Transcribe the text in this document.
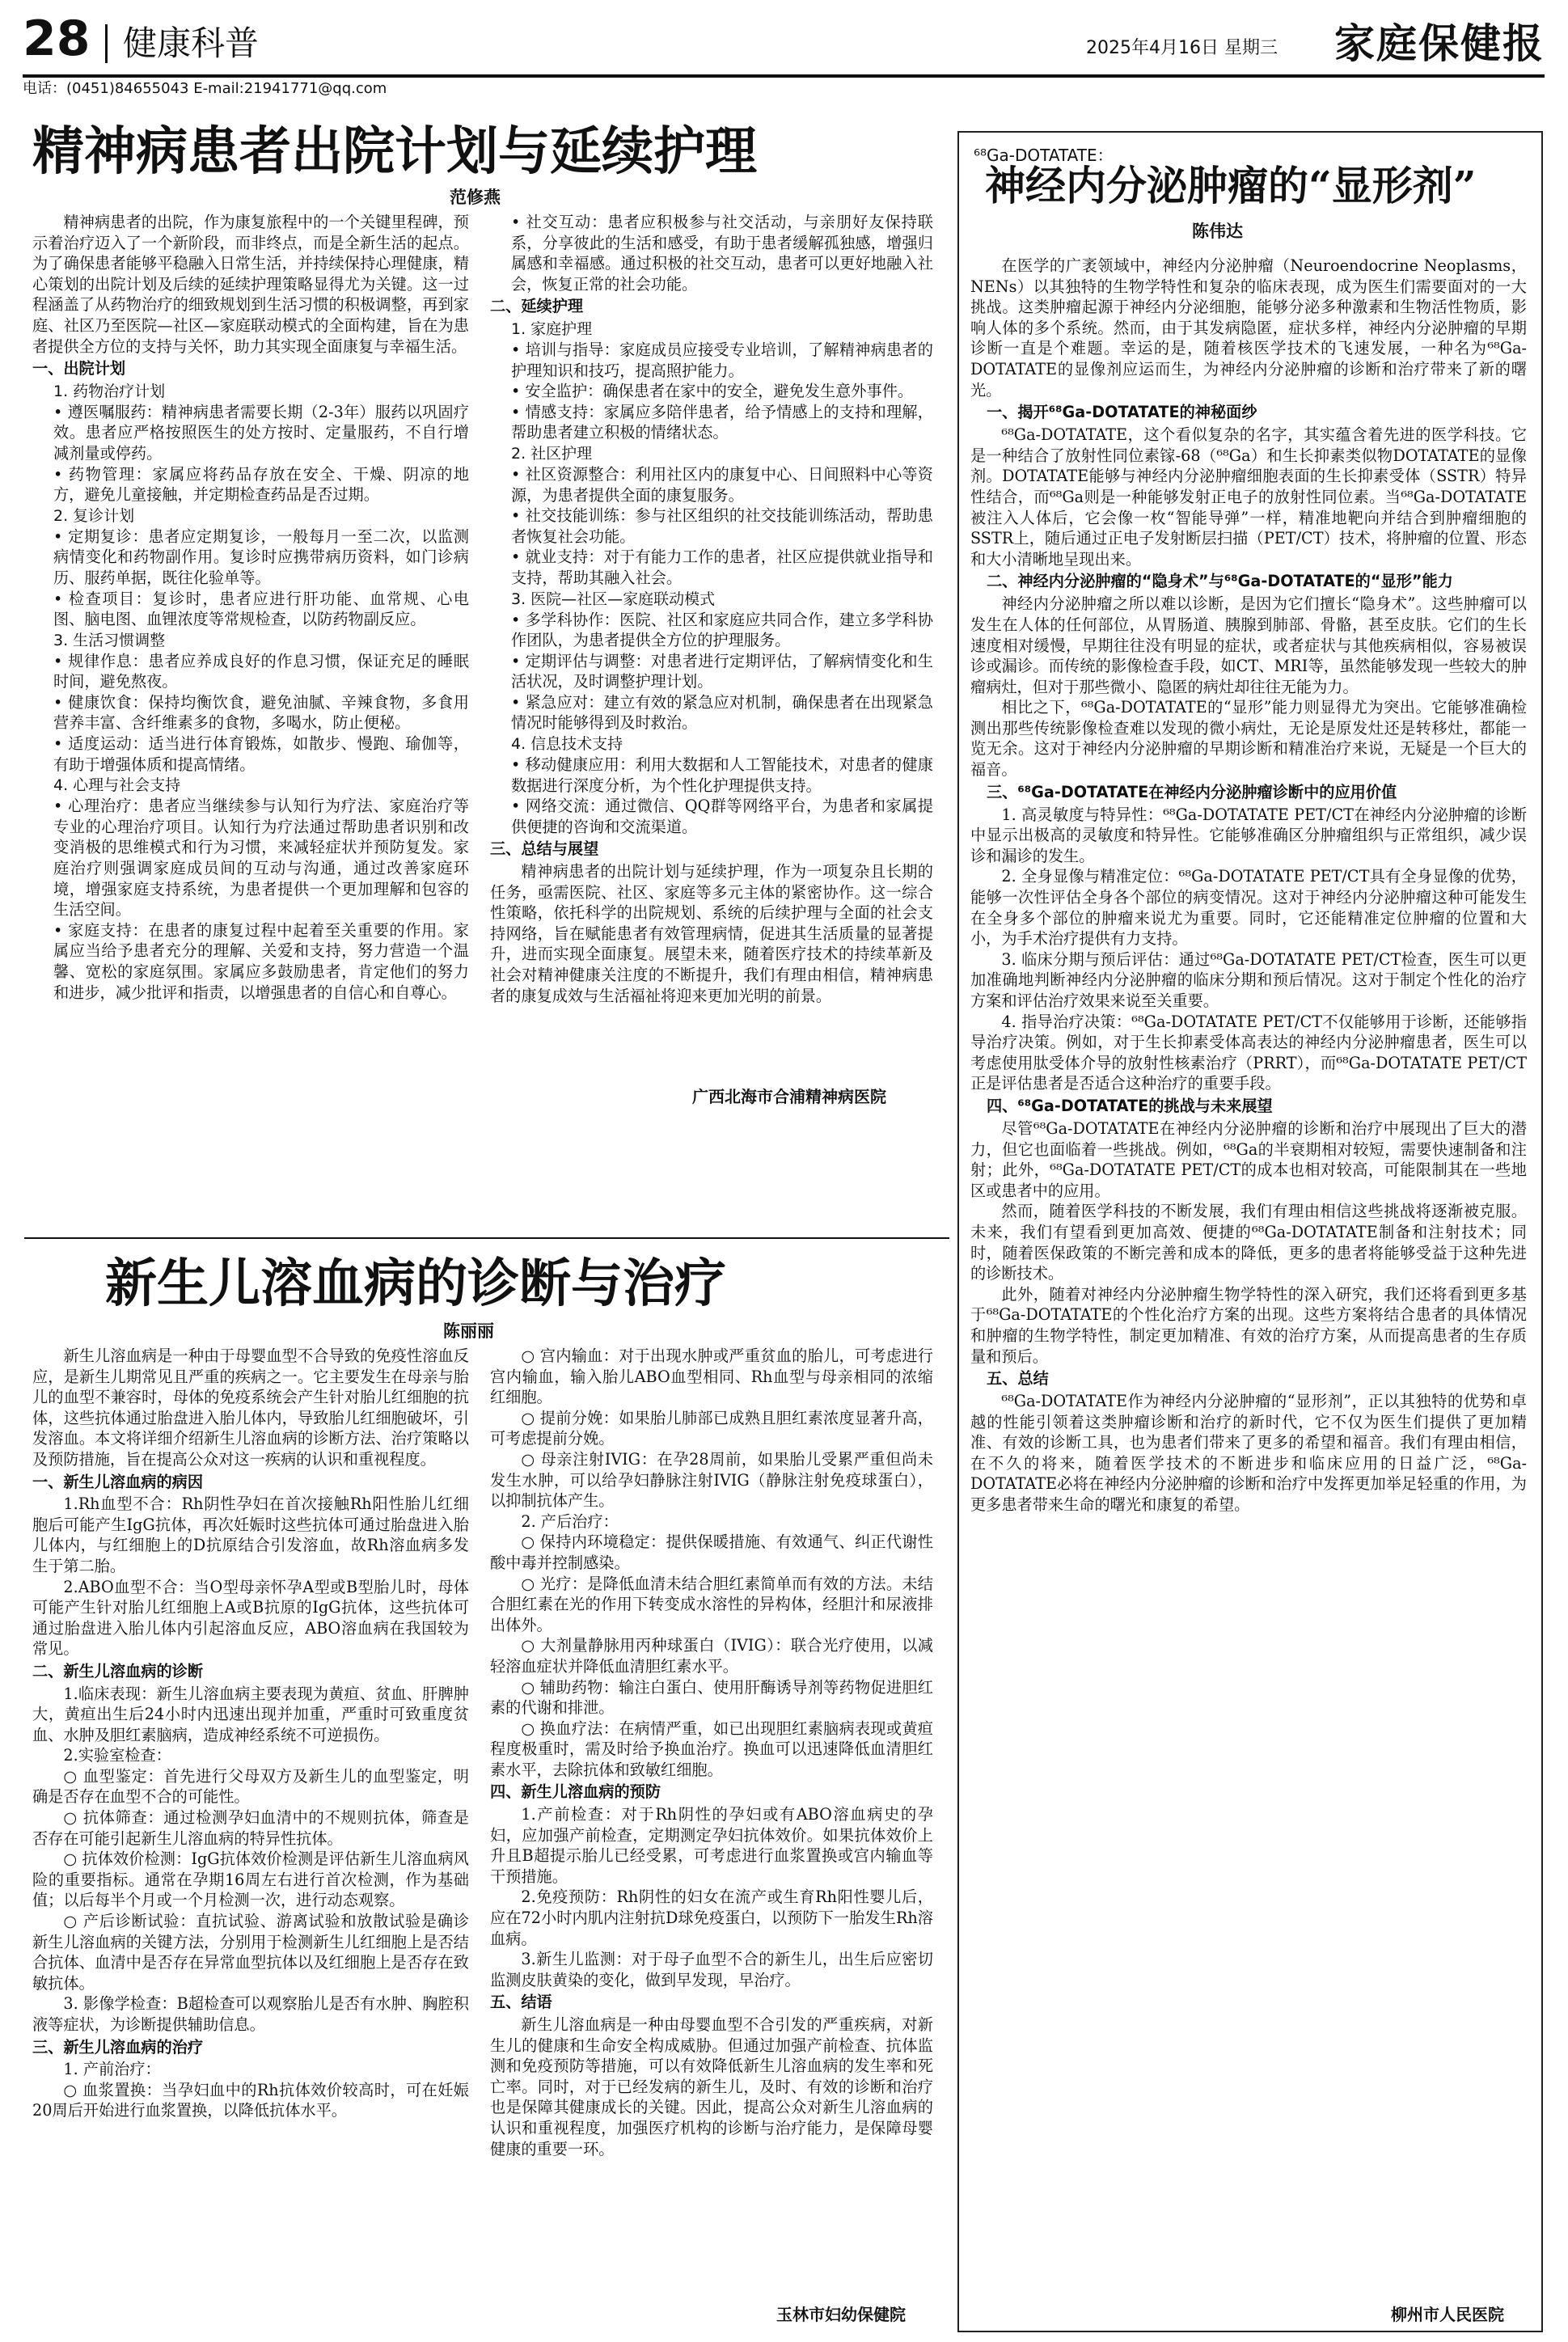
28 健康科普	2025年4月16日 星期三 家庭保健报
电话：(0451)84655043 E-mail:21941771@qq.com
精神病患者出院计划与延续护理
范修燕

精神病患者的出院，作为康复旅程中的一个关键里程碑，预示着治疗迈入了一个新阶段，而非终点，而是全新生活的起点。为了确保患者能够平稳融入日常生活，并持续保持心理健康，精心策划的出院计划及后续的延续护理策略显得尤为关键。这一过程涵盖了从药物治疗的细致规划到生活习惯的积极调整，再到家庭、社区乃至医院—社区—家庭联动模式的全面构建，旨在为患者提供全方位的支持与关怀，助力其实现全面康复与幸福生活。

一、出院计划
1. 药物治疗计划

• 遵医嘱服药：精神病患者需要长期（2-3年）服药以巩固疗效。患者应严格按照医生的处方按时、定量服药，不自行增减剂量或停药。

• 药物管理：家属应将药品存放在安全、干燥、阴凉的地方，避免儿童接触，并定期检查药品是否过期。

2. 复诊计划

• 定期复诊：患者应定期复诊，一般每月一至二次，以监测病情变化和药物副作用。复诊时应携带病历资料，如门诊病历、服药单据，既往化验单等。

• 检查项目：复诊时，患者应进行肝功能、血常规、心电图、脑电图、血锂浓度等常规检查，以防药物副反应。

3. 生活习惯调整

• 规律作息：患者应养成良好的作息习惯，保证充足的睡眠时间，避免熬夜。

• 健康饮食：保持均衡饮食，避免油腻、辛辣食物，多食用营养丰富、含纤维素多的食物，多喝水，防止便秘。

• 适度运动：适当进行体育锻炼，如散步、慢跑、瑜伽等，有助于增强体质和提高情绪。

4. 心理与社会支持

• 心理治疗：患者应当继续参与认知行为疗法、家庭治疗等专业的心理治疗项目。认知行为疗法通过帮助患者识别和改变消极的思维模式和行为习惯，来减轻症状并预防复发。家庭治疗则强调家庭成员间的互动与沟通，通过改善家庭环境，增强家庭支持系统，为患者提供一个更加理解和包容的生活空间。

• 家庭支持：在患者的康复过程中起着至关重要的作用。家属应当给予患者充分的理解、关爱和支持，努力营造一个温馨、宽松的家庭氛围。家属应多鼓励患者，肯定他们的努力和进步，减少批评和指责，以增强患者的自信心和自尊心。

• 社交互动：患者应积极参与社交活动，与亲朋好友保持联系，分享彼此的生活和感受，有助于患者缓解孤独感，增强归属感和幸福感。通过积极的社交互动，患者可以更好地融入社会，恢复正常的社会功能。

二、延续护理
1. 家庭护理

• 培训与指导：家庭成员应接受专业培训，了解精神病患者的护理知识和技巧，提高照护能力。

• 安全监护：确保患者在家中的安全，避免发生意外事件。

• 情感支持：家属应多陪伴患者，给予情感上的支持和理解，帮助患者建立积极的情绪状态。

2. 社区护理

• 社区资源整合：利用社区内的康复中心、日间照料中心等资源，为患者提供全面的康复服务。

• 社交技能训练：参与社区组织的社交技能训练活动，帮助患者恢复社会功能。

• 就业支持：对于有能力工作的患者，社区应提供就业指导和支持，帮助其融入社会。

3. 医院—社区—家庭联动模式

• 多学科协作：医院、社区和家庭应共同合作，建立多学科协作团队，为患者提供全方位的护理服务。

• 定期评估与调整：对患者进行定期评估，了解病情变化和生活状况，及时调整护理计划。

• 紧急应对：建立有效的紧急应对机制，确保患者在出现紧急情况时能够得到及时救治。

4. 信息技术支持

• 移动健康应用：利用大数据和人工智能技术，对患者的健康数据进行深度分析，为个性化护理提供支持。

• 网络交流：通过微信、QQ群等网络平台，为患者和家属提供便捷的咨询和交流渠道。

三、总结与展望

精神病患者的出院计划与延续护理，作为一项复杂且长期的任务，亟需医院、社区、家庭等多元主体的紧密协作。这一综合性策略，依托科学的出院规划、系统的后续护理与全面的社会支持网络，旨在赋能患者有效管理病情，促进其生活质量的显著提升，进而实现全面康复。展望未来，随着医疗技术的持续革新及社会对精神健康关注度的不断提升，我们有理由相信，精神病患者的康复成效与生活福祉将迎来更加光明的前景。

广西北海市合浦精神病医院
新生儿溶血病的诊断与治疗
陈丽丽

新生儿溶血病是一种由于母婴血型不合导致的免疫性溶血反应，是新生儿期常见且严重的疾病之一。它主要发生在母亲与胎儿的血型不兼容时，母体的免疫系统会产生针对胎儿红细胞的抗体，这些抗体通过胎盘进入胎儿体内，导致胎儿红细胞破坏，引发溶血。本文将详细介绍新生儿溶血病的诊断方法、治疗策略以及预防措施，旨在提高公众对这一疾病的认识和重视程度。

一、新生儿溶血病的病因

1.Rh血型不合：Rh阴性孕妇在首次接触Rh阳性胎儿红细胞后可能产生IgG抗体，再次妊娠时这些抗体可通过胎盘进入胎儿体内，与红细胞上的D抗原结合引发溶血，故Rh溶血病多发生于第二胎。

2.ABO血型不合：当O型母亲怀孕A型或B型胎儿时，母体可能产生针对胎儿红细胞上A或B抗原的IgG抗体，这些抗体可通过胎盘进入胎儿体内引起溶血反应，ABO溶血病在我国较为常见。

二、新生儿溶血病的诊断

1.临床表现：新生儿溶血病主要表现为黄疸、贫血、肝脾肿大，黄疸出生后24小时内迅速出现并加重，严重时可致重度贫血、水肿及胆红素脑病，造成神经系统不可逆损伤。

2.实验室检查：

○ 血型鉴定：首先进行父母双方及新生儿的血型鉴定，明确是否存在血型不合的可能性。

○ 抗体筛查：通过检测孕妇血清中的不规则抗体，筛查是否存在可能引起新生儿溶血病的特异性抗体。

○ 抗体效价检测：IgG抗体效价检测是评估新生儿溶血病风险的重要指标。通常在孕期16周左右进行首次检测，作为基础值；以后每半个月或一个月检测一次，进行动态观察。

○ 产后诊断试验：直抗试验、游离试验和放散试验是确诊新生儿溶血病的关键方法，分别用于检测新生儿红细胞上是否结合抗体、血清中是否存在异常血型抗体以及红细胞上是否存在致敏抗体。

3. 影像学检查：B超检查可以观察胎儿是否有水肿、胸腔积液等症状，为诊断提供辅助信息。

三、新生儿溶血病的治疗

1. 产前治疗：

○ 血浆置换：当孕妇血中的Rh抗体效价较高时，可在妊娠20周后开始进行血浆置换，以降低抗体水平。

○ 宫内输血：对于出现水肿或严重贫血的胎儿，可考虑进行宫内输血，输入胎儿ABO血型相同、Rh血型与母亲相同的浓缩红细胞。

○ 提前分娩：如果胎儿肺部已成熟且胆红素浓度显著升高，可考虑提前分娩。

○ 母亲注射IVIG：在孕28周前，如果胎儿受累严重但尚未发生水肿，可以给孕妇静脉注射IVIG（静脉注射免疫球蛋白），以抑制抗体产生。

2. 产后治疗：

○ 保持内环境稳定：提供保暖措施、有效通气、纠正代谢性酸中毒并控制感染。

○ 光疗：是降低血清未结合胆红素简单而有效的方法。未结合胆红素在光的作用下转变成水溶性的异构体，经胆汁和尿液排出体外。

○ 大剂量静脉用丙种球蛋白（IVIG）：联合光疗使用，以减轻溶血症状并降低血清胆红素水平。

○ 辅助药物：输注白蛋白、使用肝酶诱导剂等药物促进胆红素的代谢和排泄。

○ 换血疗法：在病情严重，如已出现胆红素脑病表现或黄疸程度极重时，需及时给予换血治疗。换血可以迅速降低血清胆红素水平，去除抗体和致敏红细胞。

四、新生儿溶血病的预防

1.产前检查：对于Rh阴性的孕妇或有ABO溶血病史的孕妇，应加强产前检查，定期测定孕妇抗体效价。如果抗体效价上升且B超提示胎儿已经受累，可考虑进行血浆置换或宫内输血等干预措施。

2.免疫预防：Rh阴性的妇女在流产或生育Rh阳性婴儿后，应在72小时内肌内注射抗D球免疫蛋白，以预防下一胎发生Rh溶血病。

3.新生儿监测：对于母子血型不合的新生儿，出生后应密切监测皮肤黄染的变化，做到早发现，早治疗。

五、结语

新生儿溶血病是一种由母婴血型不合引发的严重疾病，对新生儿的健康和生命安全构成威胁。但通过加强产前检查、抗体监测和免疫预防等措施，可以有效降低新生儿溶血病的发生率和死亡率。同时，对于已经发病的新生儿，及时、有效的诊断和治疗也是保障其健康成长的关键。因此，提高公众对新生儿溶血病的认识和重视程度，加强医疗机构的诊断与治疗能力，是保障母婴健康的重要一环。

玉林市妇幼保健院
⁶⁸Ga-DOTATATE：
神经内分泌肿瘤的“显形剂”
陈伟达

在医学的广袤领域中，神经内分泌肿瘤（Neuroendocrine Neoplasms，NENs）以其独特的生物学特性和复杂的临床表现，成为医生们需要面对的一大挑战。这类肿瘤起源于神经内分泌细胞，能够分泌多种激素和生物活性物质，影响人体的多个系统。然而，由于其发病隐匿，症状多样，神经内分泌肿瘤的早期诊断一直是个难题。幸运的是，随着核医学技术的飞速发展，一种名为⁶⁸Ga-DOTATATE的显像剂应运而生，为神经内分泌肿瘤的诊断和治疗带来了新的曙光。

一、揭开⁶⁸Ga-DOTATATE的神秘面纱

⁶⁸Ga-DOTATATE，这个看似复杂的名字，其实蕴含着先进的医学科技。它是一种结合了放射性同位素镓-68（⁶⁸Ga）和生长抑素类似物DOTATATE的显像剂。DOTATATE能够与神经内分泌肿瘤细胞表面的生长抑素受体（SSTR）特异性结合，而⁶⁸Ga则是一种能够发射正电子的放射性同位素。当⁶⁸Ga-DOTATATE被注入人体后，它会像一枚“智能导弹”一样，精准地靶向并结合到肿瘤细胞的SSTR上，随后通过正电子发射断层扫描（PET/CT）技术，将肿瘤的位置、形态和大小清晰地呈现出来。

二、神经内分泌肿瘤的“隐身术”与⁶⁸Ga-DOTATATE的“显形”能力

神经内分泌肿瘤之所以难以诊断，是因为它们擅长“隐身术”。这些肿瘤可以发生在人体的任何部位，从胃肠道、胰腺到肺部、骨骼，甚至皮肤。它们的生长速度相对缓慢，早期往往没有明显的症状，或者症状与其他疾病相似，容易被误诊或漏诊。而传统的影像检查手段，如CT、MRI等，虽然能够发现一些较大的肿瘤病灶，但对于那些微小、隐匿的病灶却往往无能为力。

相比之下，⁶⁸Ga-DOTATATE的“显形”能力则显得尤为突出。它能够准确检测出那些传统影像检查难以发现的微小病灶，无论是原发灶还是转移灶，都能一览无余。这对于神经内分泌肿瘤的早期诊断和精准治疗来说，无疑是一个巨大的福音。

三、⁶⁸Ga-DOTATATE在神经内分泌肿瘤诊断中的应用价值

1. 高灵敏度与特异性：⁶⁸Ga-DOTATATE PET/CT在神经内分泌肿瘤的诊断中显示出极高的灵敏度和特异性。它能够准确区分肿瘤组织与正常组织，减少误诊和漏诊的发生。

2. 全身显像与精准定位：⁶⁸Ga-DOTATATE PET/CT具有全身显像的优势，能够一次性评估全身各个部位的病变情况。这对于神经内分泌肿瘤这种可能发生在全身多个部位的肿瘤来说尤为重要。同时，它还能精准定位肿瘤的位置和大小，为手术治疗提供有力支持。

3. 临床分期与预后评估：通过⁶⁸Ga-DOTATATE PET/CT检查，医生可以更加准确地判断神经内分泌肿瘤的临床分期和预后情况。这对于制定个性化的治疗方案和评估治疗效果来说至关重要。

4. 指导治疗决策：⁶⁸Ga-DOTATATE PET/CT不仅能够用于诊断，还能够指导治疗决策。例如，对于生长抑素受体高表达的神经内分泌肿瘤患者，医生可以考虑使用肽受体介导的放射性核素治疗（PRRT），而⁶⁸Ga-DOTATATE PET/CT正是评估患者是否适合这种治疗的重要手段。

四、⁶⁸Ga-DOTATATE的挑战与未来展望

尽管⁶⁸Ga-DOTATATE在神经内分泌肿瘤的诊断和治疗中展现出了巨大的潜力，但它也面临着一些挑战。例如，⁶⁸Ga的半衰期相对较短，需要快速制备和注射；此外，⁶⁸Ga-DOTATATE PET/CT的成本也相对较高，可能限制其在一些地区或患者中的应用。

然而，随着医学科技的不断发展，我们有理由相信这些挑战将逐渐被克服。未来，我们有望看到更加高效、便捷的⁶⁸Ga-DOTATATE制备和注射技术；同时，随着医保政策的不断完善和成本的降低，更多的患者将能够受益于这种先进的诊断技术。

此外，随着对神经内分泌肿瘤生物学特性的深入研究，我们还将看到更多基于⁶⁸Ga-DOTATATE的个性化治疗方案的出现。这些方案将结合患者的具体情况和肿瘤的生物学特性，制定更加精准、有效的治疗方案，从而提高患者的生存质量和预后。

五、总结

⁶⁸Ga-DOTATATE作为神经内分泌肿瘤的“显形剂”，正以其独特的优势和卓越的性能引领着这类肿瘤诊断和治疗的新时代，它不仅为医生们提供了更加精准、有效的诊断工具，也为患者们带来了更多的希望和福音。我们有理由相信，在不久的将来，随着医学技术的不断进步和临床应用的日益广泛，⁶⁸Ga-DOTATATE必将在神经内分泌肿瘤的诊断和治疗中发挥更加举足轻重的作用，为更多患者带来生命的曙光和康复的希望。

柳州市人民医院
